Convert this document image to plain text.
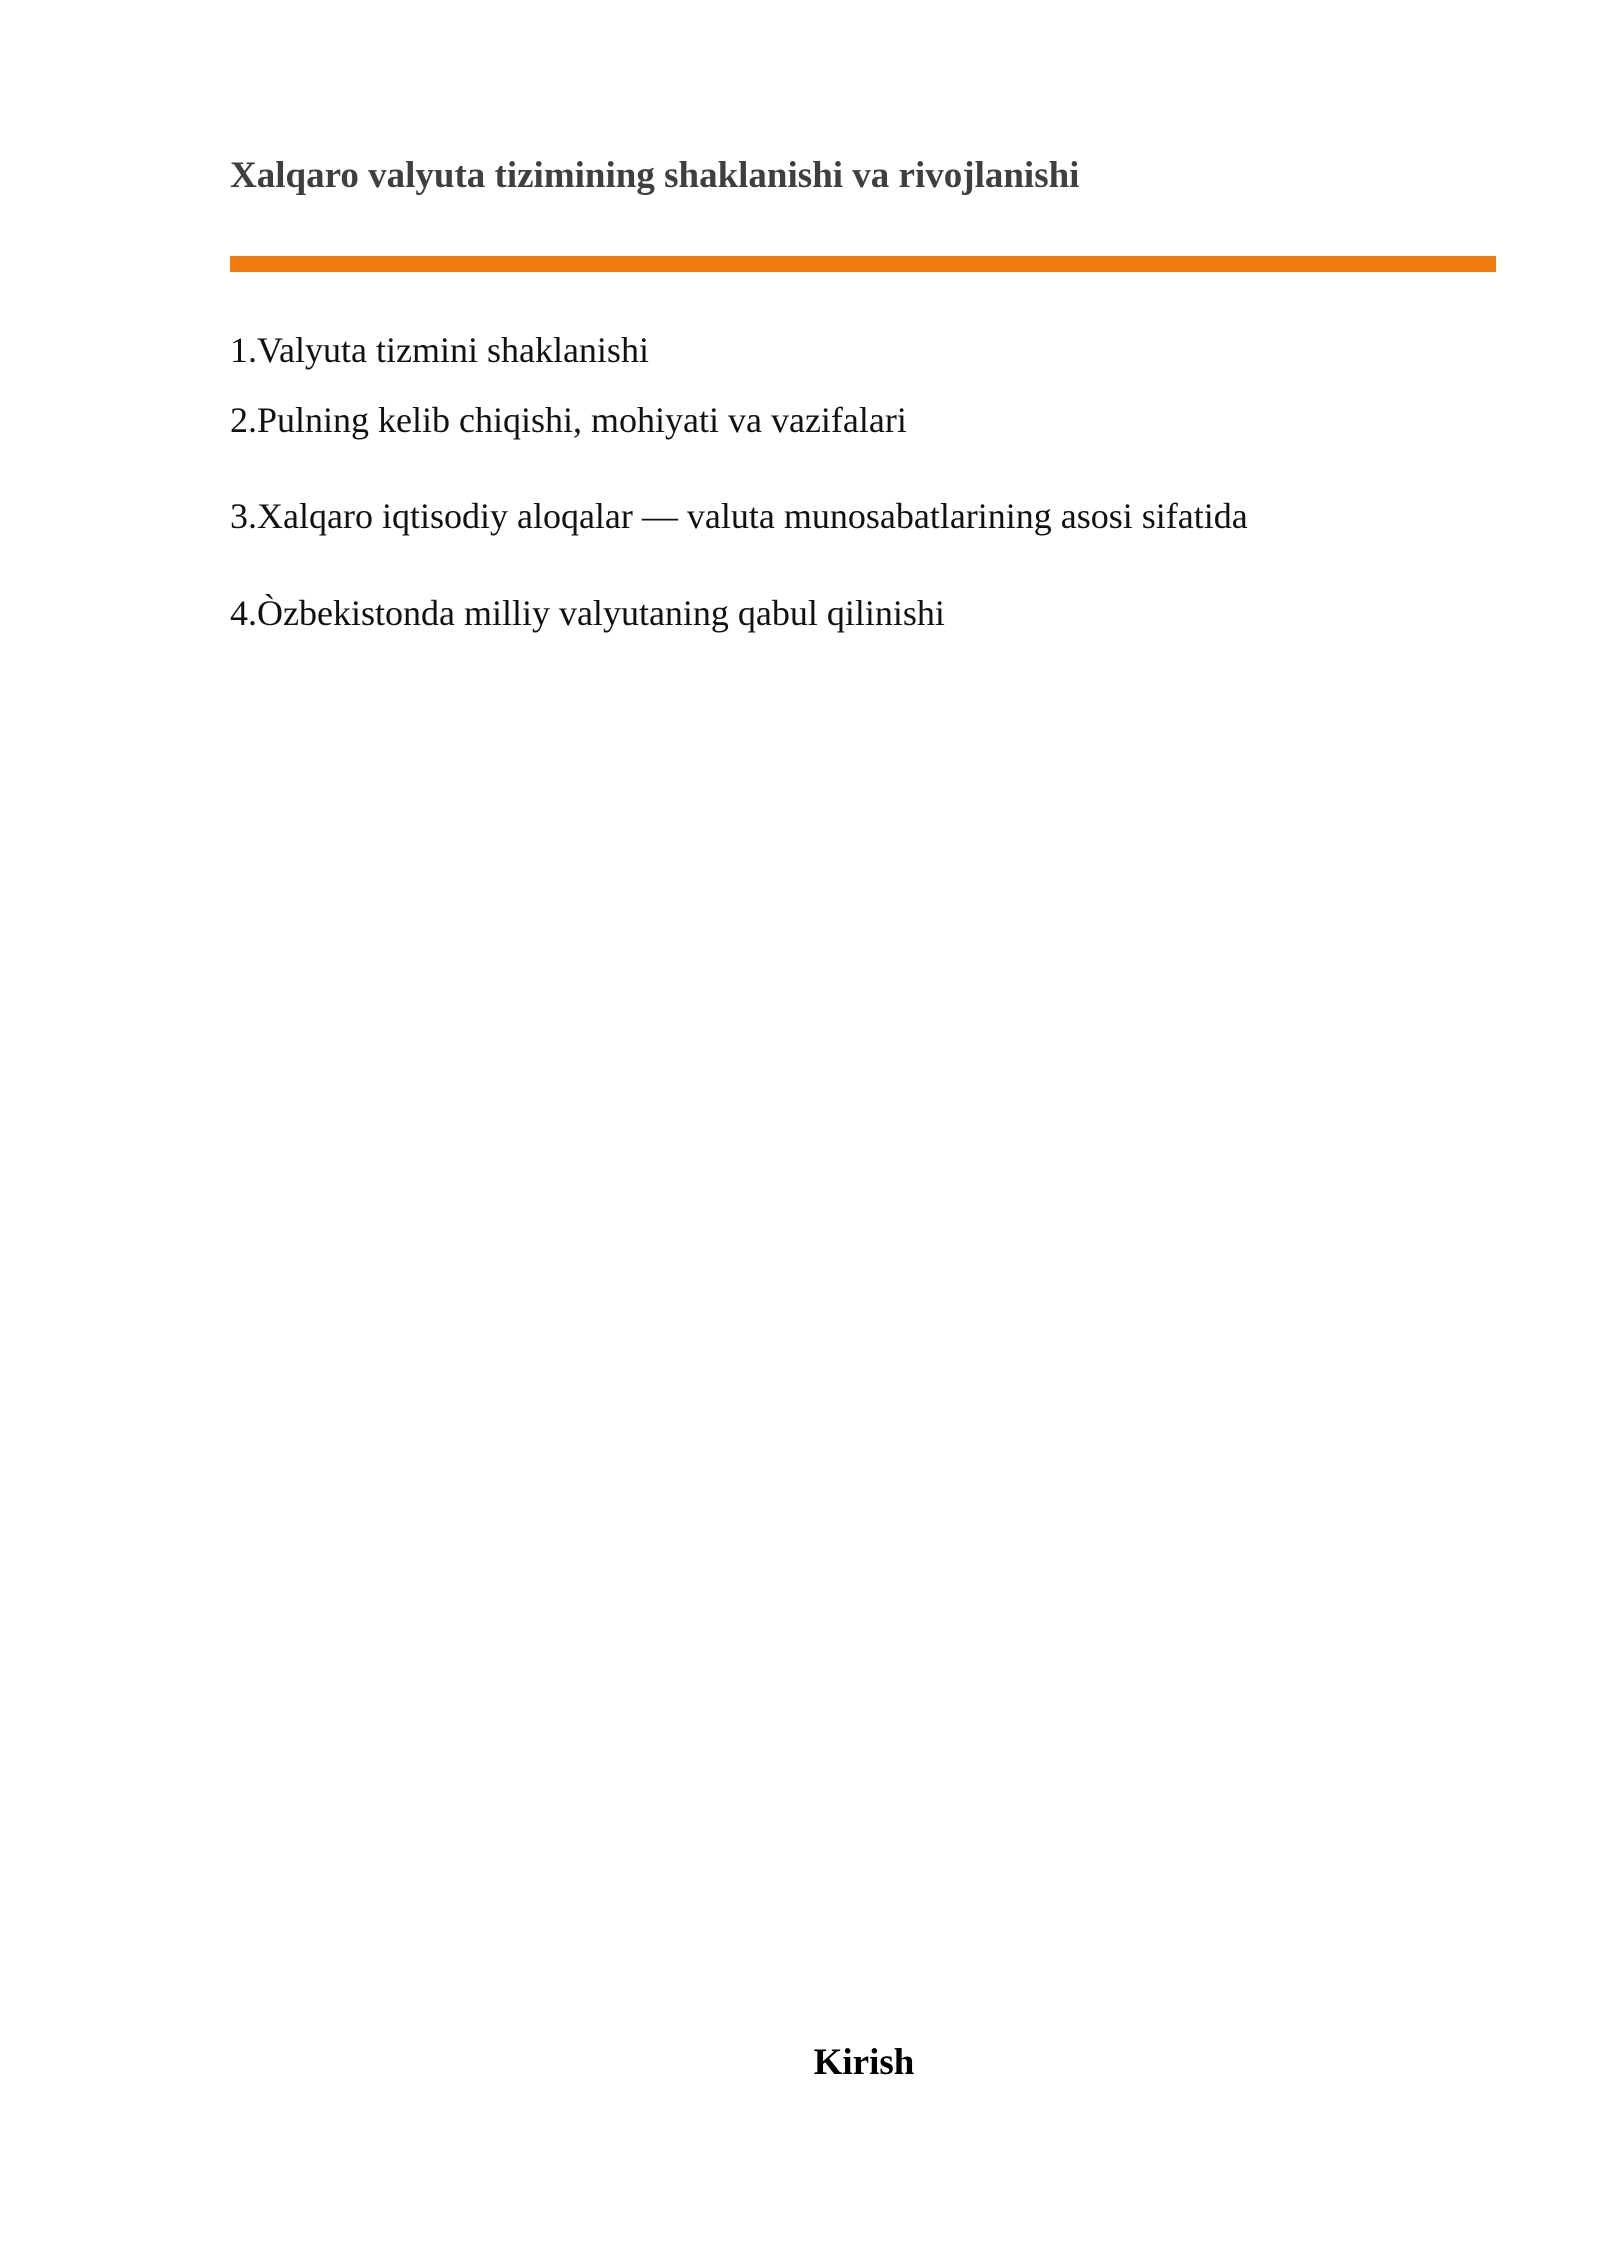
Xalqaro valyuta tizimining shaklanishi va rivojlanishi

1.Valyuta tizmini shaklanishi

2.Pulning kelib chiqishi, mohiyati va vazifalari

3.Xalqaro iqtisodiy aloqalar — valuta munosabatlarining asosi sifatida

4.Òzbekistonda milliy valyutaning qabul qilinishi

Kirish
